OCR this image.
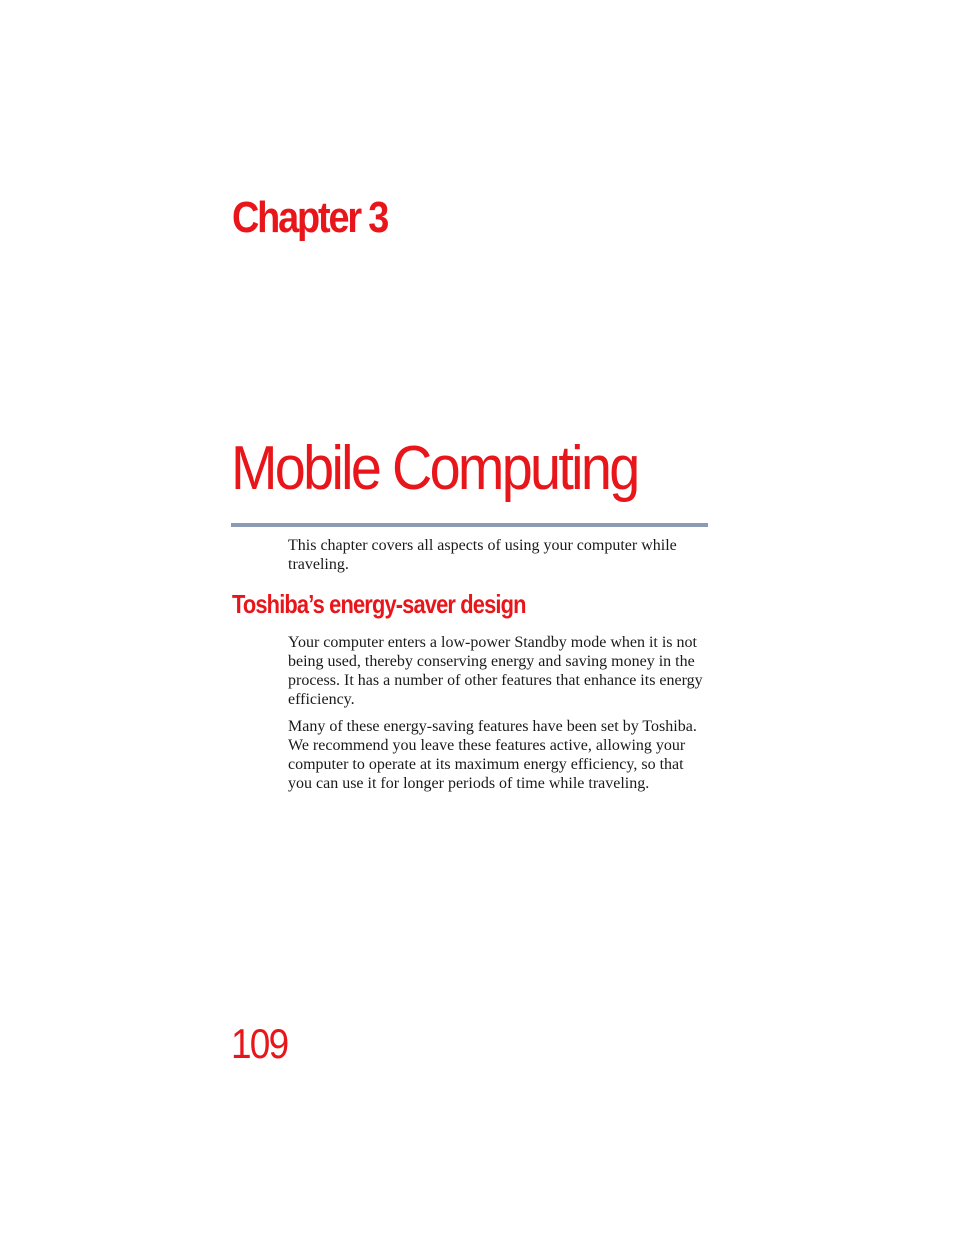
Chapter 3
Mobile Computing

This chapter covers all aspects of using your computer while traveling.

Toshiba’s energy-saver design

Your computer enters a low-power Standby mode when it is not being used, thereby conserving energy and saving money in the process. It has a number of other features that enhance its energy efficiency.

Many of these energy-saving features have been set by Toshiba. We recommend you leave these features active, allowing your computer to operate at its maximum energy efficiency, so that you can use it for longer periods of time while traveling.

109
